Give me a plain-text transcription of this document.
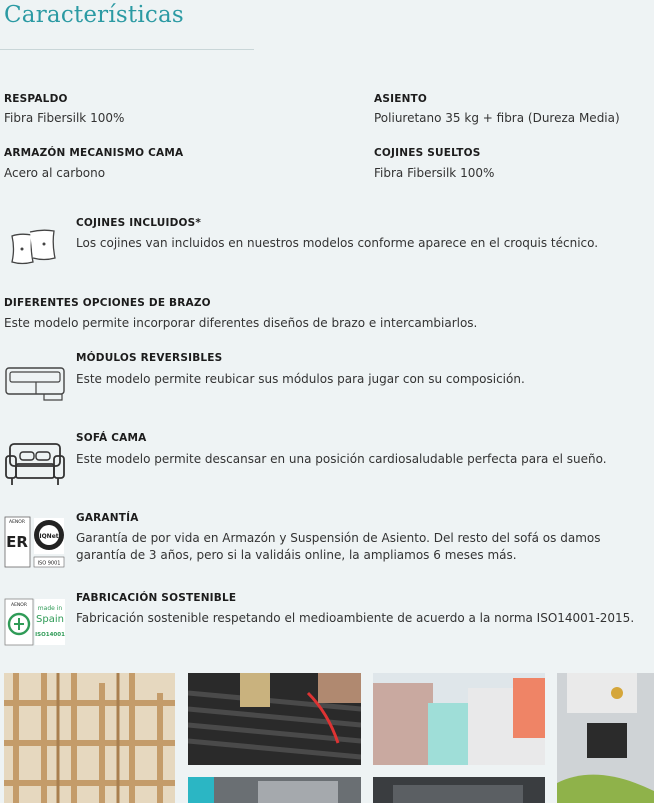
Características
RESPALDO
Fibra Fibersilk 100%
ASIENTO
Poliuretano 35 kg + fibra (Dureza Media)
ARMAZÓN MECANISMO CAMA
Acero al carbono
COJINES SUELTOS
Fibra Fibersilk 100%
COJINES INCLUIDOS*
Los cojines van incluidos en nuestros modelos conforme aparece en el croquis técnico.
DIFERENTES OPCIONES DE BRAZO
Este modelo permite incorporar diferentes diseños de brazo e intercambiarlos.
MÓDULOS REVERSIBLES
Este modelo permite reubicar sus módulos para jugar con su composición.
SOFÁ CAMA
Este modelo permite descansar en una posición cardiosaludable perfecta para el sueño.
AENOR
ER IQNet
ISO 9001
GARANTÍA
Garantía de por vida en Armazón y Suspensión de Asiento. Del resto del sofá os damos
garantía de 3 años, pero si la validáis online, la ampliamos 6 meses más.
AENOR made in
Spain
ISO14001
FABRICACIÓN SOSTENIBLE
Fabricación sostenible respetando el medioambiente de acuerdo a la norma ISO14001-2015.
